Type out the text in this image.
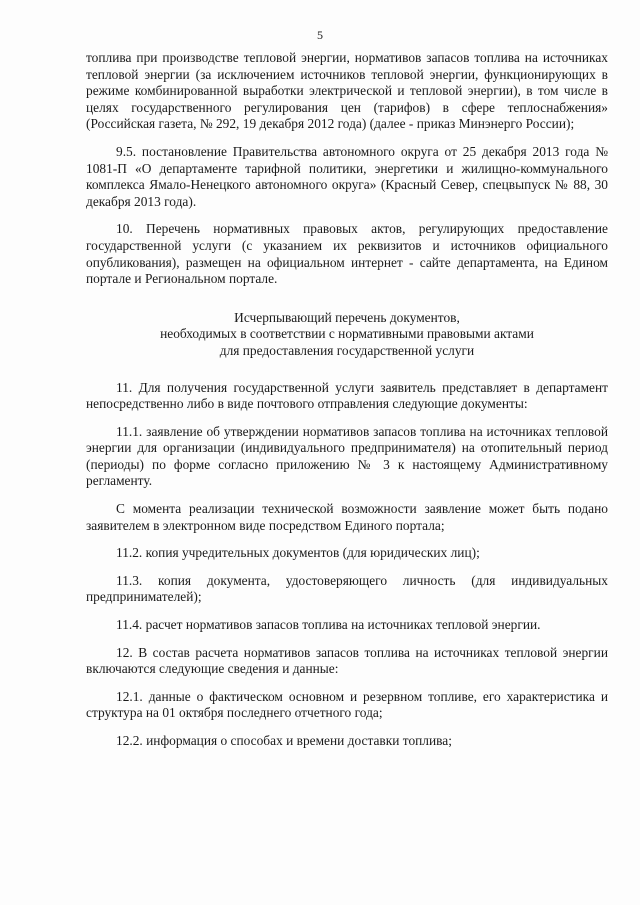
5

топлива при производстве тепловой энергии, нормативов запасов топлива на источниках тепловой энергии (за исключением источников тепловой энергии, функционирующих в режиме комбинированной выработки электрической и тепловой энергии), в том числе в целях государственного регулирования цен (тарифов) в сфере теплоснабжения» (Российская газета, № 292, 19 декабря 2012 года) (далее - приказ Минэнерго России);

9.5. постановление Правительства автономного округа от 25 декабря 2013 года № 1081-П «О департаменте тарифной политики, энергетики и жилищно-коммунального комплекса Ямало-Ненецкого автономного округа» (Красный Север, спецвыпуск № 88, 30 декабря 2013 года).

10. Перечень нормативных правовых актов, регулирующих предоставление государственной услуги (с указанием их реквизитов и источников официального опубликования), размещен на официальном интернет - сайте департамента, на Едином портале и Региональном портале.

Исчерпывающий перечень документов,
необходимых в соответствии с нормативными правовыми актами
для предоставления государственной услуги

11. Для получения государственной услуги заявитель представляет в департамент непосредственно либо в виде почтового отправления следующие документы:

11.1. заявление об утверждении нормативов запасов топлива на источниках тепловой энергии для организации (индивидуального предпринимателя) на отопительный период (периоды) по форме согласно приложению № 3 к настоящему Административному регламенту.

С момента реализации технической возможности заявление может быть подано заявителем в электронном виде посредством Единого портала;

11.2. копия учредительных документов (для юридических лиц);

11.3. копия документа, удостоверяющего личность (для индивидуальных предпринимателей);

11.4. расчет нормативов запасов топлива на источниках тепловой энергии.

12. В состав расчета нормативов запасов топлива на источниках тепловой энергии включаются следующие сведения и данные:

12.1. данные о фактическом основном и резервном топливе, его характеристика и структура на 01 октября последнего отчетного года;

12.2. информация о способах и времени доставки топлива;
